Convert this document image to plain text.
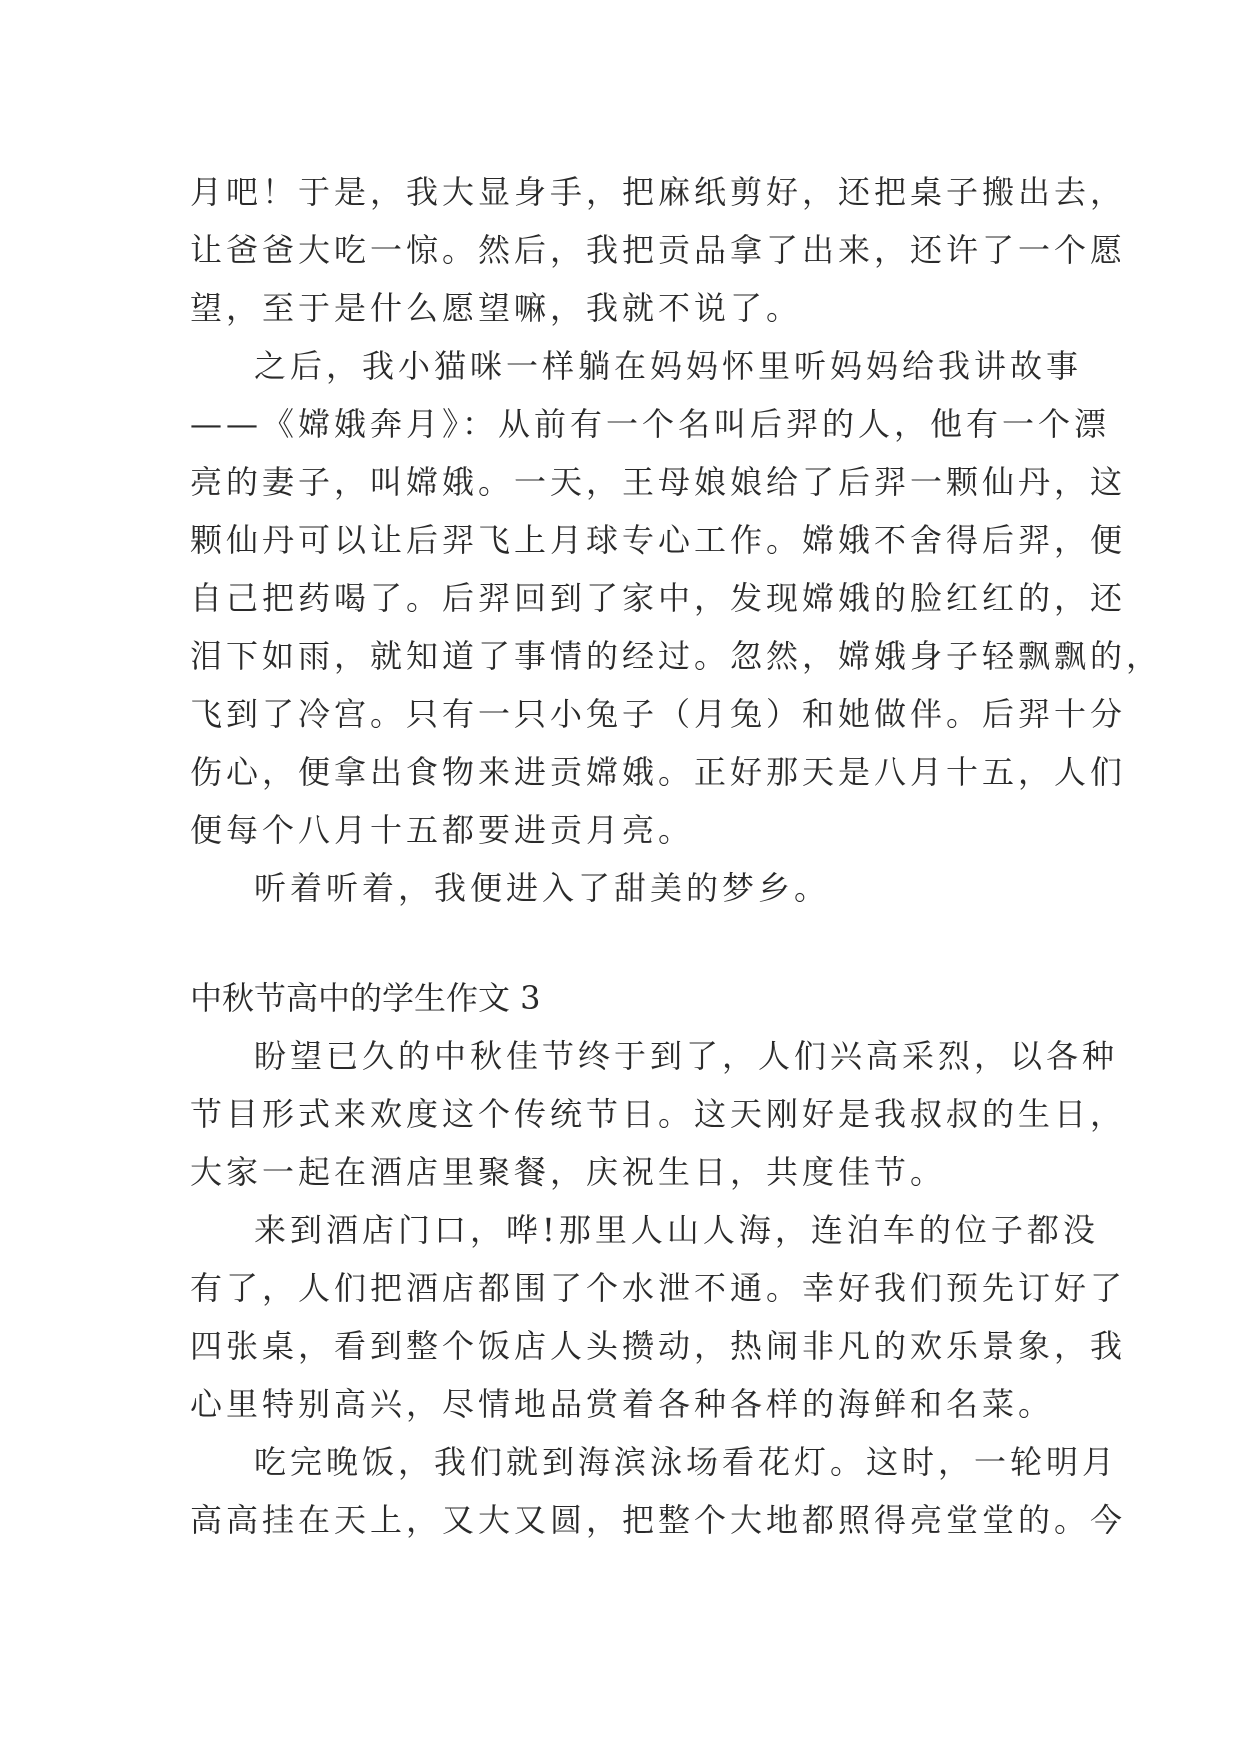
月吧！于是，我大显身手，把麻纸剪好，还把桌子搬出去，
让爸爸大吃一惊。然后，我把贡品拿了出来，还许了一个愿
望，至于是什么愿望嘛，我就不说了。
之后，我小猫咪一样躺在妈妈怀里听妈妈给我讲故事
——《嫦娥奔月》：从前有一个名叫后羿的人，他有一个漂
亮的妻子，叫嫦娥。一天，王母娘娘给了后羿一颗仙丹，这
颗仙丹可以让后羿飞上月球专心工作。嫦娥不舍得后羿，便
自己把药喝了。后羿回到了家中，发现嫦娥的脸红红的，还
泪下如雨，就知道了事情的经过。忽然，嫦娥身子轻飘飘的，
飞到了冷宫。只有一只小兔子（月兔）和她做伴。后羿十分
伤心，便拿出食物来进贡嫦娥。正好那天是八月十五，人们
便每个八月十五都要进贡月亮。
听着听着，我便进入了甜美的梦乡。
中秋节高中的学生作文 3
盼望已久的中秋佳节终于到了，人们兴高采烈，以各种
节目形式来欢度这个传统节日。这天刚好是我叔叔的生日，
大家一起在酒店里聚餐，庆祝生日，共度佳节。
来到酒店门口，哗!那里人山人海，连泊车的位子都没
有了，人们把酒店都围了个水泄不通。幸好我们预先订好了
四张桌，看到整个饭店人头攒动，热闹非凡的欢乐景象，我
心里特别高兴，尽情地品赏着各种各样的海鲜和名菜。
吃完晚饭，我们就到海滨泳场看花灯。这时，一轮明月
高高挂在天上，又大又圆，把整个大地都照得亮堂堂的。今
